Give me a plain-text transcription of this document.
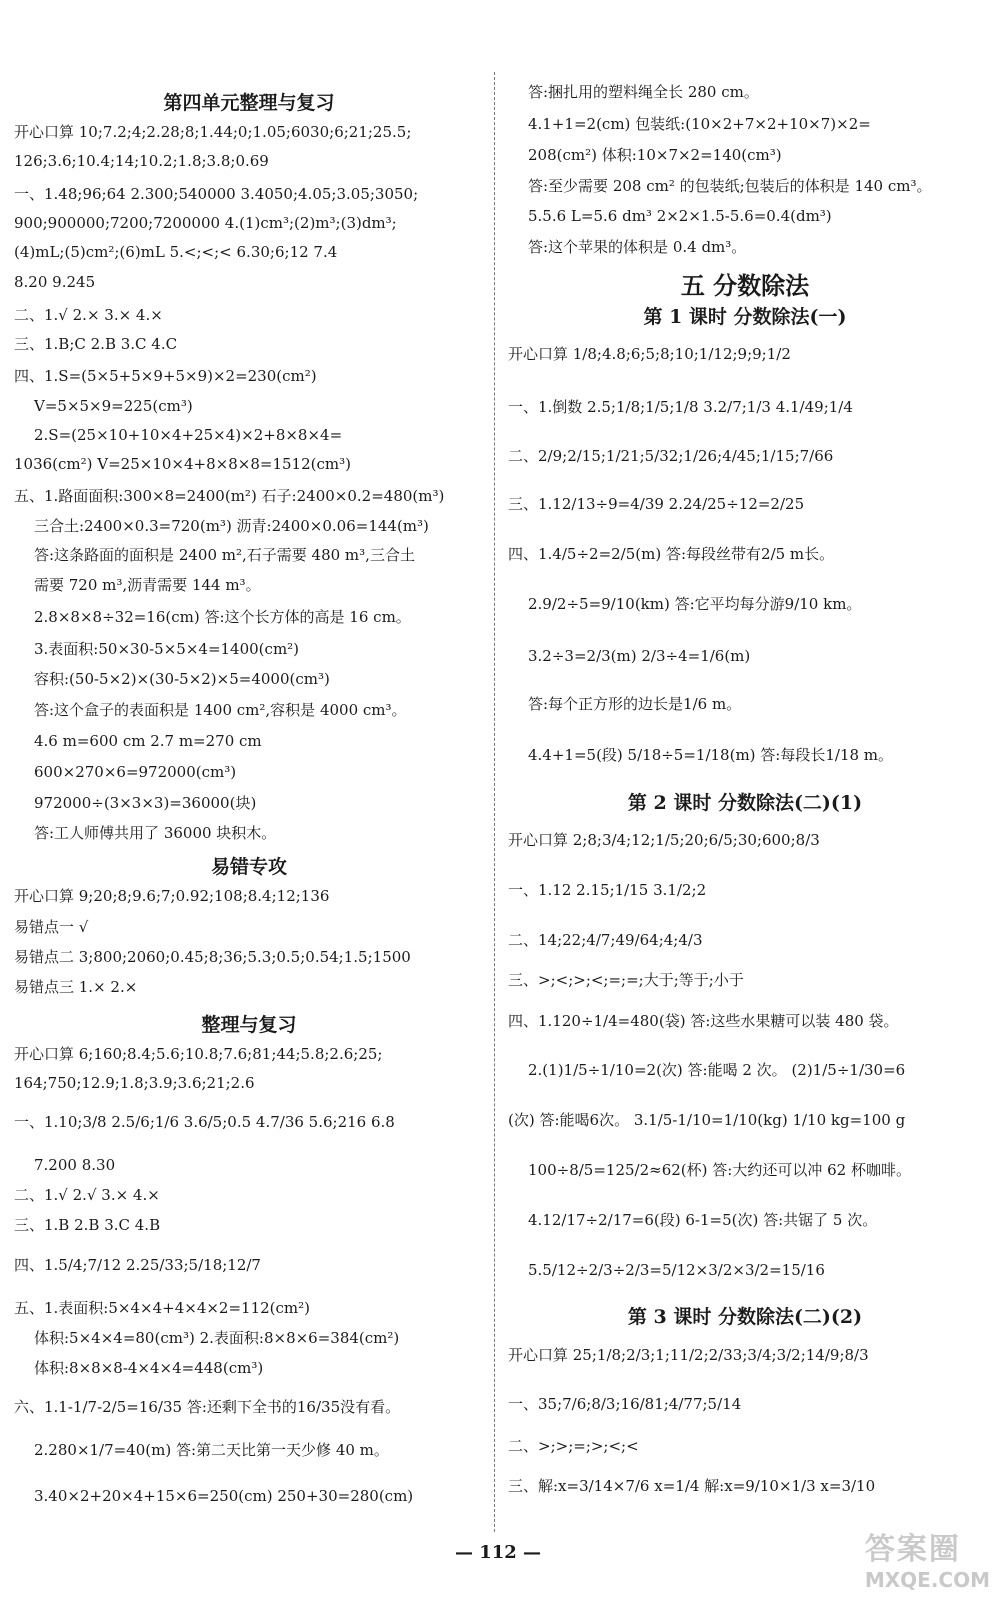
第四单元整理与复习
开心口算 10;7.2;4;2.28;8;1.44;0;1.05;6030;6;21;25.5;
126;3.6;10.4;14;10.2;1.8;3.8;0.69
一、1.48;96;64 2.300;540000 3.4050;4.05;3.05;3050;
900;900000;7200;7200000 4.(1)cm³;(2)m³;(3)dm³;
(4)mL;(5)cm²;(6)mL 5.<;<;< 6.30;6;12 7.4
8.20 9.245
二、1.√ 2.× 3.× 4.×
三、1.B;C 2.B 3.C 4.C
四、1.S=(5×5+5×9+5×9)×2=230(cm²)
V=5×5×9=225(cm³)
2.S=(25×10+10×4+25×4)×2+8×8×4=
1036(cm²) V=25×10×4+8×8×8=1512(cm³)
五、1.路面面积:300×8=2400(m²) 石子:2400×0.2=480(m³)
三合土:2400×0.3=720(m³) 沥青:2400×0.06=144(m³)
答:这条路面的面积是 2400 m²,石子需要 480 m³,三合土
需要 720 m³,沥青需要 144 m³。
2.8×8×8÷32=16(cm) 答:这个长方体的高是 16 cm。
3.表面积:50×30-5×5×4=1400(cm²)
容积:(50-5×2)×(30-5×2)×5=4000(cm³)
答:这个盒子的表面积是 1400 cm²,容积是 4000 cm³。
4.6 m=600 cm 2.7 m=270 cm
600×270×6=972000(cm³)
972000÷(3×3×3)=36000(块)
答:工人师傅共用了 36000 块积木。
易错专攻
开心口算 9;20;8;9.6;7;0.92;108;8.4;12;136
易错点一 √
易错点二 3;800;2060;0.45;8;36;5.3;0.5;0.54;1.5;1500
易错点三 1.× 2.×
整理与复习
开心口算 6;160;8.4;5.6;10.8;7.6;81;44;5.8;2.6;25;
164;750;12.9;1.8;3.9;3.6;21;2.6
一、1.10;3/8 2.5/6;1/6 3.6/5;0.5 4.7/36 5.6;216 6.8
7.200 8.30
二、1.√ 2.√ 3.× 4.×
三、1.B 2.B 3.C 4.B
四、1.5/4;7/12 2.25/33;5/18;12/7
五、1.表面积:5×4×4+4×4×2=112(cm²)
体积:5×4×4=80(cm³) 2.表面积:8×8×6=384(cm²)
体积:8×8×8-4×4×4=448(cm³)
六、1.1-1/7-2/5=16/35 答:还剩下全书的16/35没有看。
2.280×1/7=40(m) 答:第二天比第一天少修 40 m。
3.40×2+20×4+15×6=250(cm) 250+30=280(cm)
答:捆扎用的塑料绳全长 280 cm。
4.1+1=2(cm) 包装纸:(10×2+7×2+10×7)×2=
208(cm²) 体积:10×7×2=140(cm³)
答:至少需要 208 cm² 的包装纸;包装后的体积是 140 cm³。
5.5.6 L=5.6 dm³ 2×2×1.5-5.6=0.4(dm³)
答:这个苹果的体积是 0.4 dm³。
五 分数除法
第 1 课时 分数除法(一)
开心口算 1/8;4.8;6;5;8;10;1/12;9;9;1/2
一、1.倒数 2.5;1/8;1/5;1/8 3.2/7;1/3 4.1/49;1/4
二、2/9;2/15;1/21;5/32;1/26;4/45;1/15;7/66
三、1.12/13÷9=4/39 2.24/25÷12=2/25
四、1.4/5÷2=2/5(m) 答:每段丝带有2/5 m长。
2.9/2÷5=9/10(km) 答:它平均每分游9/10 km。
3.2÷3=2/3(m) 2/3÷4=1/6(m)
答:每个正方形的边长是1/6 m。
4.4+1=5(段) 5/18÷5=1/18(m) 答:每段长1/18 m。
第 2 课时 分数除法(二)(1)
开心口算 2;8;3/4;12;1/5;20;6/5;30;600;8/3
一、1.12 2.15;1/15 3.1/2;2
二、14;22;4/7;49/64;4;4/3
三、>;<;>;<;=;=;大于;等于;小于
四、1.120÷1/4=480(袋) 答:这些水果糖可以装 480 袋。
2.(1)1/5÷1/10=2(次) 答:能喝 2 次。 (2)1/5÷1/30=6
(次) 答:能喝6次。 3.1/5-1/10=1/10(kg) 1/10 kg=100 g
100÷8/5=125/2≈62(杯) 答:大约还可以冲 62 杯咖啡。
4.12/17÷2/17=6(段) 6-1=5(次) 答:共锯了 5 次。
5.5/12÷2/3÷2/3=5/12×3/2×3/2=15/16
第 3 课时 分数除法(二)(2)
开心口算 25;1/8;2/3;1;11/2;2/33;3/4;3/2;14/9;8/3
一、35;7/6;8/3;16/81;4/77;5/14
二、>;>;=;>;<;<
三、解:x=3/14×7/6 x=1/4 解:x=9/10×1/3 x=3/10
— 112 —	答案圈
MXQE.COM
